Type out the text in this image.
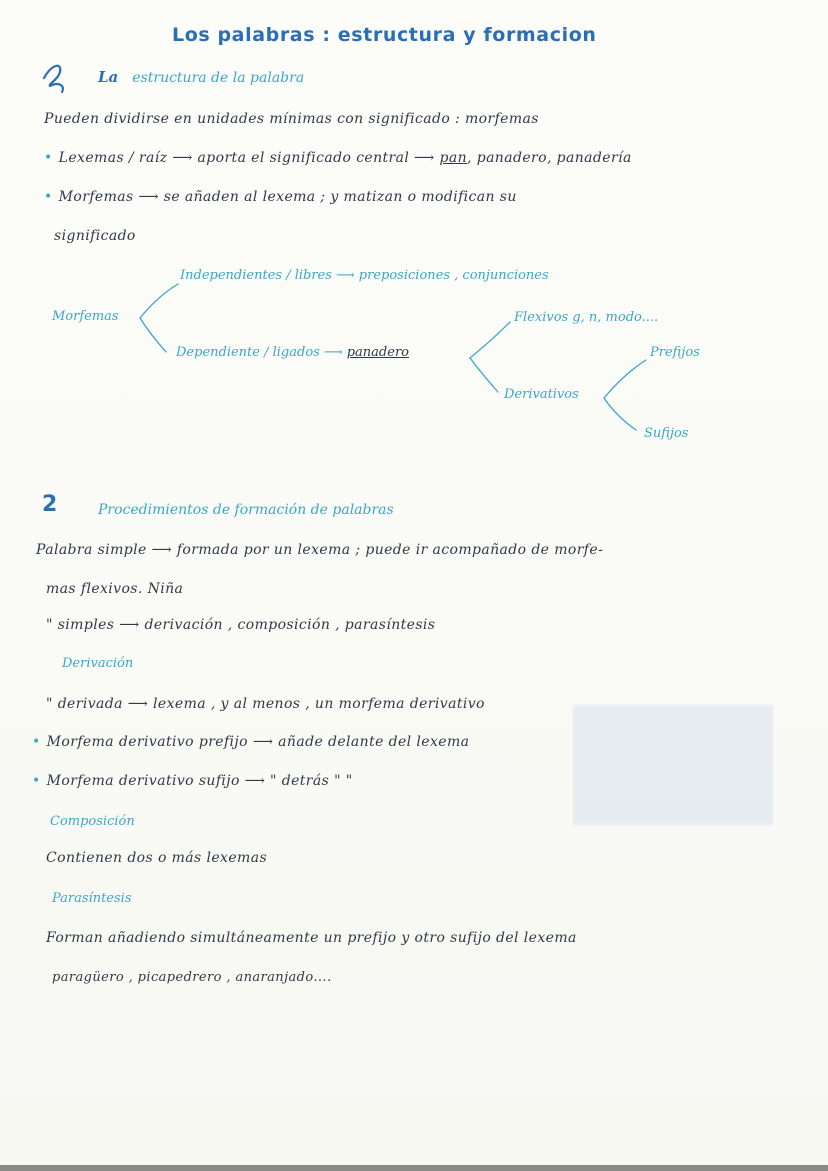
Los palabras : estructura y formacion
La estructura de la palabra
Pueden dividirse en unidades mínimas con significado : morfemas
• Lexemas / raíz ⟶ aporta el significado central ⟶ pan, panadero, panadería
• Morfemas ⟶ se añaden al lexema ; y matizan o modifican su
significado
Morfemas
Independientes / libres ⟶ preposiciones , conjunciones
Dependiente / ligados ⟶ panadero
Flexivos g, n, modo....
Derivativos
Prefijos
Sufijos
2	Procedimientos de formación de palabras
Palabra simple ⟶ formada por un lexema ; puede ir acompañado de morfe-
mas flexivos. Niña
" simples ⟶ derivación , composición , parasíntesis
Derivación
" derivada ⟶ lexema , y al menos , un morfema derivativo
• Morfema derivativo prefijo ⟶ añade delante del lexema
• Morfema derivativo sufijo ⟶ " detrás " "
Composición
Contienen dos o más lexemas
Parasíntesis
Forman añadiendo simultáneamente un prefijo y otro sufijo del lexema
paragüero , picapedrero , anaranjado....
